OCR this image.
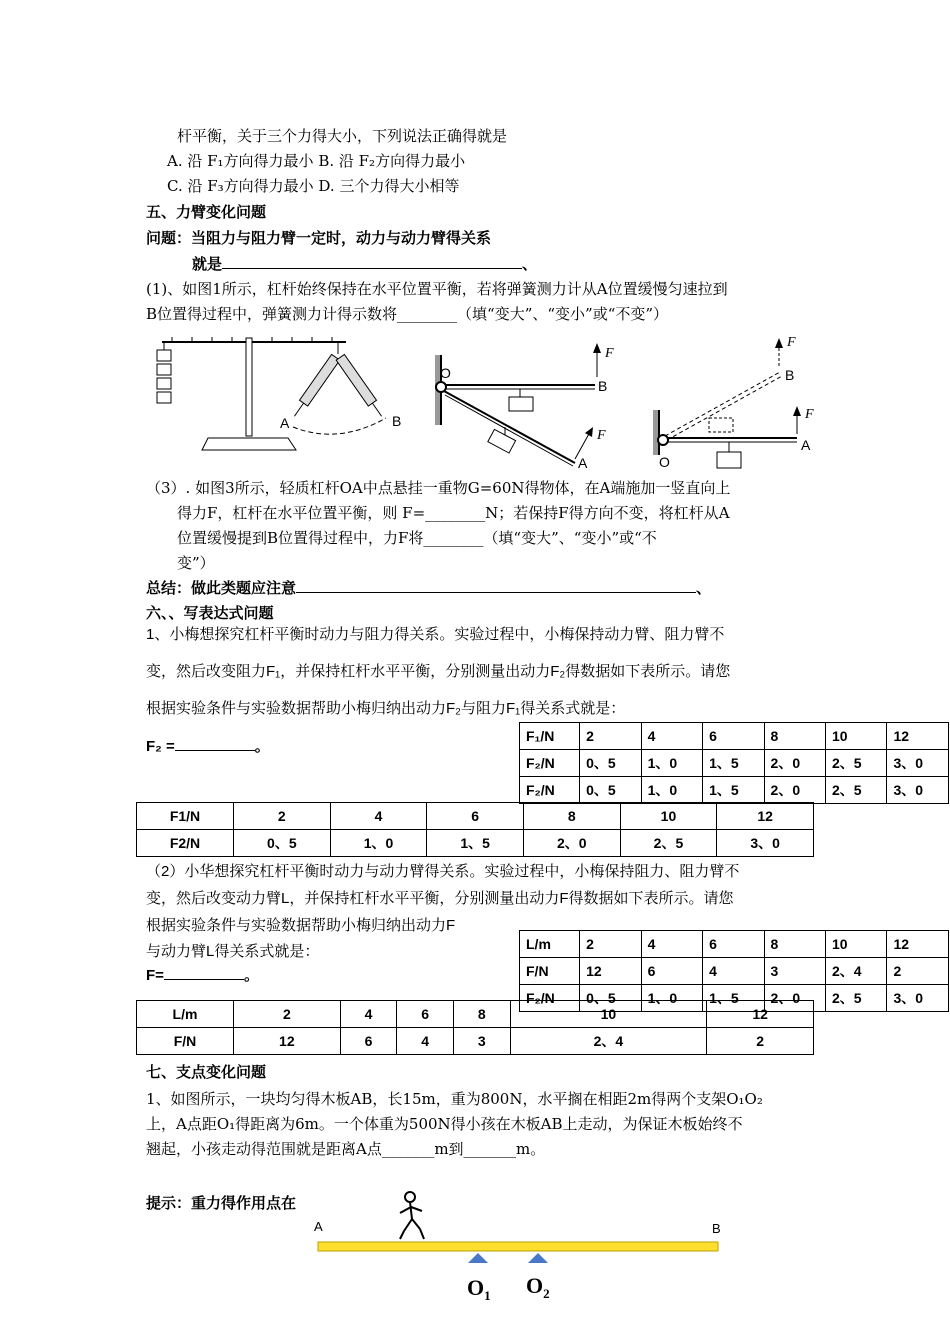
杆平衡，关于三个力得大小，下列说法正确得就是
A. 沿 F₁方向得力最小 B. 沿 F₂方向得力最小
C. 沿 F₃方向得力最小 D. 三个力得大小相等
五、力臂变化问题
问题：当阻力与阻力臂一定时，动力与动力臂得关系
就是	、
(1)、如图1所示，杠杆始终保持在水平位置平衡，若将弹簧测力计从A位置缓慢匀速拉到
B位置得过程中，弹簧测力计得示数将________（填“变大”、“变小”或“不变”）
A	B
O
B
F
A
F
O
A
F
B
F
（3）. 如图3所示，轻质杠杆OA中点悬挂一重物G=60N得物体，在A端施加一竖直向上
得力F，杠杆在水平位置平衡，则 F=________N；若保持F得方向不变，将杠杆从A
位置缓慢提到B位置得过程中，力F将________（填“变大”、“变小”或“不
变”）
总结：做此类题应注意	、
六、、写表达式问题
1、小梅想探究杠杆平衡时动力与阻力得关系。实验过程中，小梅保持动力臂、阻力臂不
变，然后改变阻力F₁，并保持杠杆水平平衡，分别测量出动力F₂得数据如下表所示。请您
根据实验条件与实验数据帮助小梅归纳出动力F₂与阻力F₁得关系式就是：
F₂ =	。
F₁/N	2	4	6	8	10	12
F₂/N	0、5	1、0	1、5	2、0	2、5	3、0
F₂/N	0、5	1、0	1、5	2、0	2、5	3、0
F1/N	2	4	6	8	10	12
F2/N	0、5	1、0	1、5	2、0	2、5	3、0
（2）小华想探究杠杆平衡时动力与动力臂得关系。实验过程中，小梅保持阻力、阻力臂不
变，然后改变动力臂L，并保持杠杆水平平衡，分别测量出动力F得数据如下表所示。请您
根据实验条件与实验数据帮助小梅归纳出动力F
与动力臂L得关系式就是：
F=	。
L/m	2	4	6	8	10	12
F/N	12	6	4	3	2、4	2
F₂/N	0、5	1、0	1、5	2、0	2、5	3、0
L/m	2	4	6	8	10	12
F/N	12	6	4	3	2、4	2
七、支点变化问题
1、如图所示，一块均匀得木板AB，长15m，重为800N，水平搁在相距2m得两个支架O₁O₂
上，A点距O₁得距离为6m。一个体重为500N得小孩在木板AB上走动，为保证木板始终不
翘起，小孩走动得范围就是距离A点_______m到_______m。
提示：重力得作用点在
A	B
$O_1$ $O_2$
